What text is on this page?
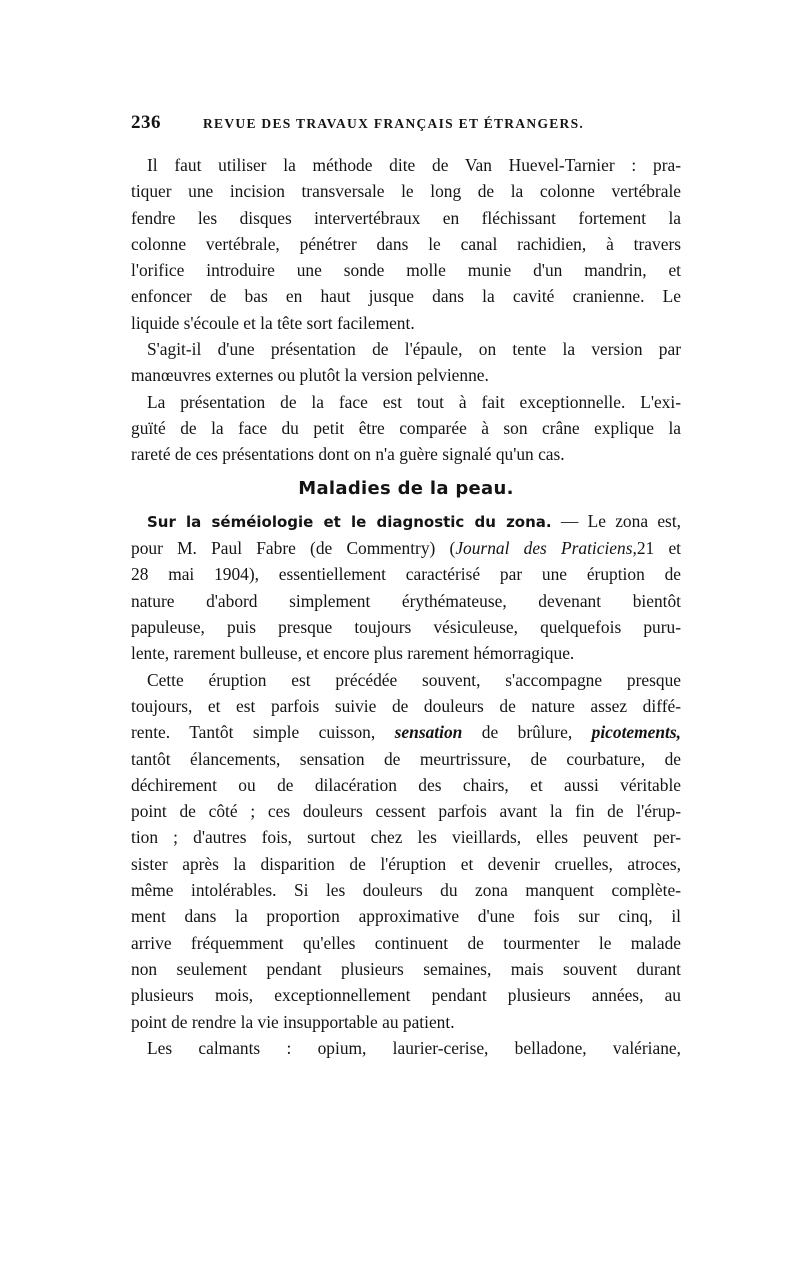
236	REVUE DES TRAVAUX FRANÇAIS ET ÉTRANGERS.

Il faut utiliser la méthode dite de Van Huevel-Tarnier : pra-
tiquer une incision transversale le long de la colonne vertébrale
fendre les disques intervertébraux en fléchissant fortement la
colonne vertébrale, pénétrer dans le canal rachidien, à travers
l'orifice introduire une sonde molle munie d'un mandrin, et
enfoncer de bas en haut jusque dans la cavité cranienne. Le
liquide s'écoule et la tête sort facilement.

S'agit-il d'une présentation de l'épaule, on tente la version par
manœuvres externes ou plutôt la version pelvienne.

La présentation de la face est tout à fait exceptionnelle. L'exi-
guïté de la face du petit être comparée à son crâne explique la
rareté de ces présentations dont on n'a guère signalé qu'un cas.

Maladies de la peau.

Sur la séméiologie et le diagnostic du zona. — Le zona est,
pour M. Paul Fabre (de Commentry) (Journal des Praticiens,21 et
28 mai 1904), essentiellement caractérisé par une éruption de
nature d'abord simplement érythémateuse, devenant bientôt
papuleuse, puis presque toujours vésiculeuse, quelquefois puru-
lente, rarement bulleuse, et encore plus rarement hémorragique.

Cette éruption est précédée souvent, s'accompagne presque
toujours, et est parfois suivie de douleurs de nature assez diffé-
rente. Tantôt simple cuisson, sensation de brûlure, picotements,
tantôt élancements, sensation de meurtrissure, de courbature, de
déchirement ou de dilacération des chairs, et aussi véritable
point de côté ; ces douleurs cessent parfois avant la fin de l'érup-
tion ; d'autres fois, surtout chez les vieillards, elles peuvent per-
sister après la disparition de l'éruption et devenir cruelles, atroces,
même intolérables. Si les douleurs du zona manquent complète-
ment dans la proportion approximative d'une fois sur cinq, il
arrive fréquemment qu'elles continuent de tourmenter le malade
non seulement pendant plusieurs semaines, mais souvent durant
plusieurs mois, exceptionnellement pendant plusieurs années, au
point de rendre la vie insupportable au patient.

Les calmants : opium, laurier-cerise, belladone, valériane,
